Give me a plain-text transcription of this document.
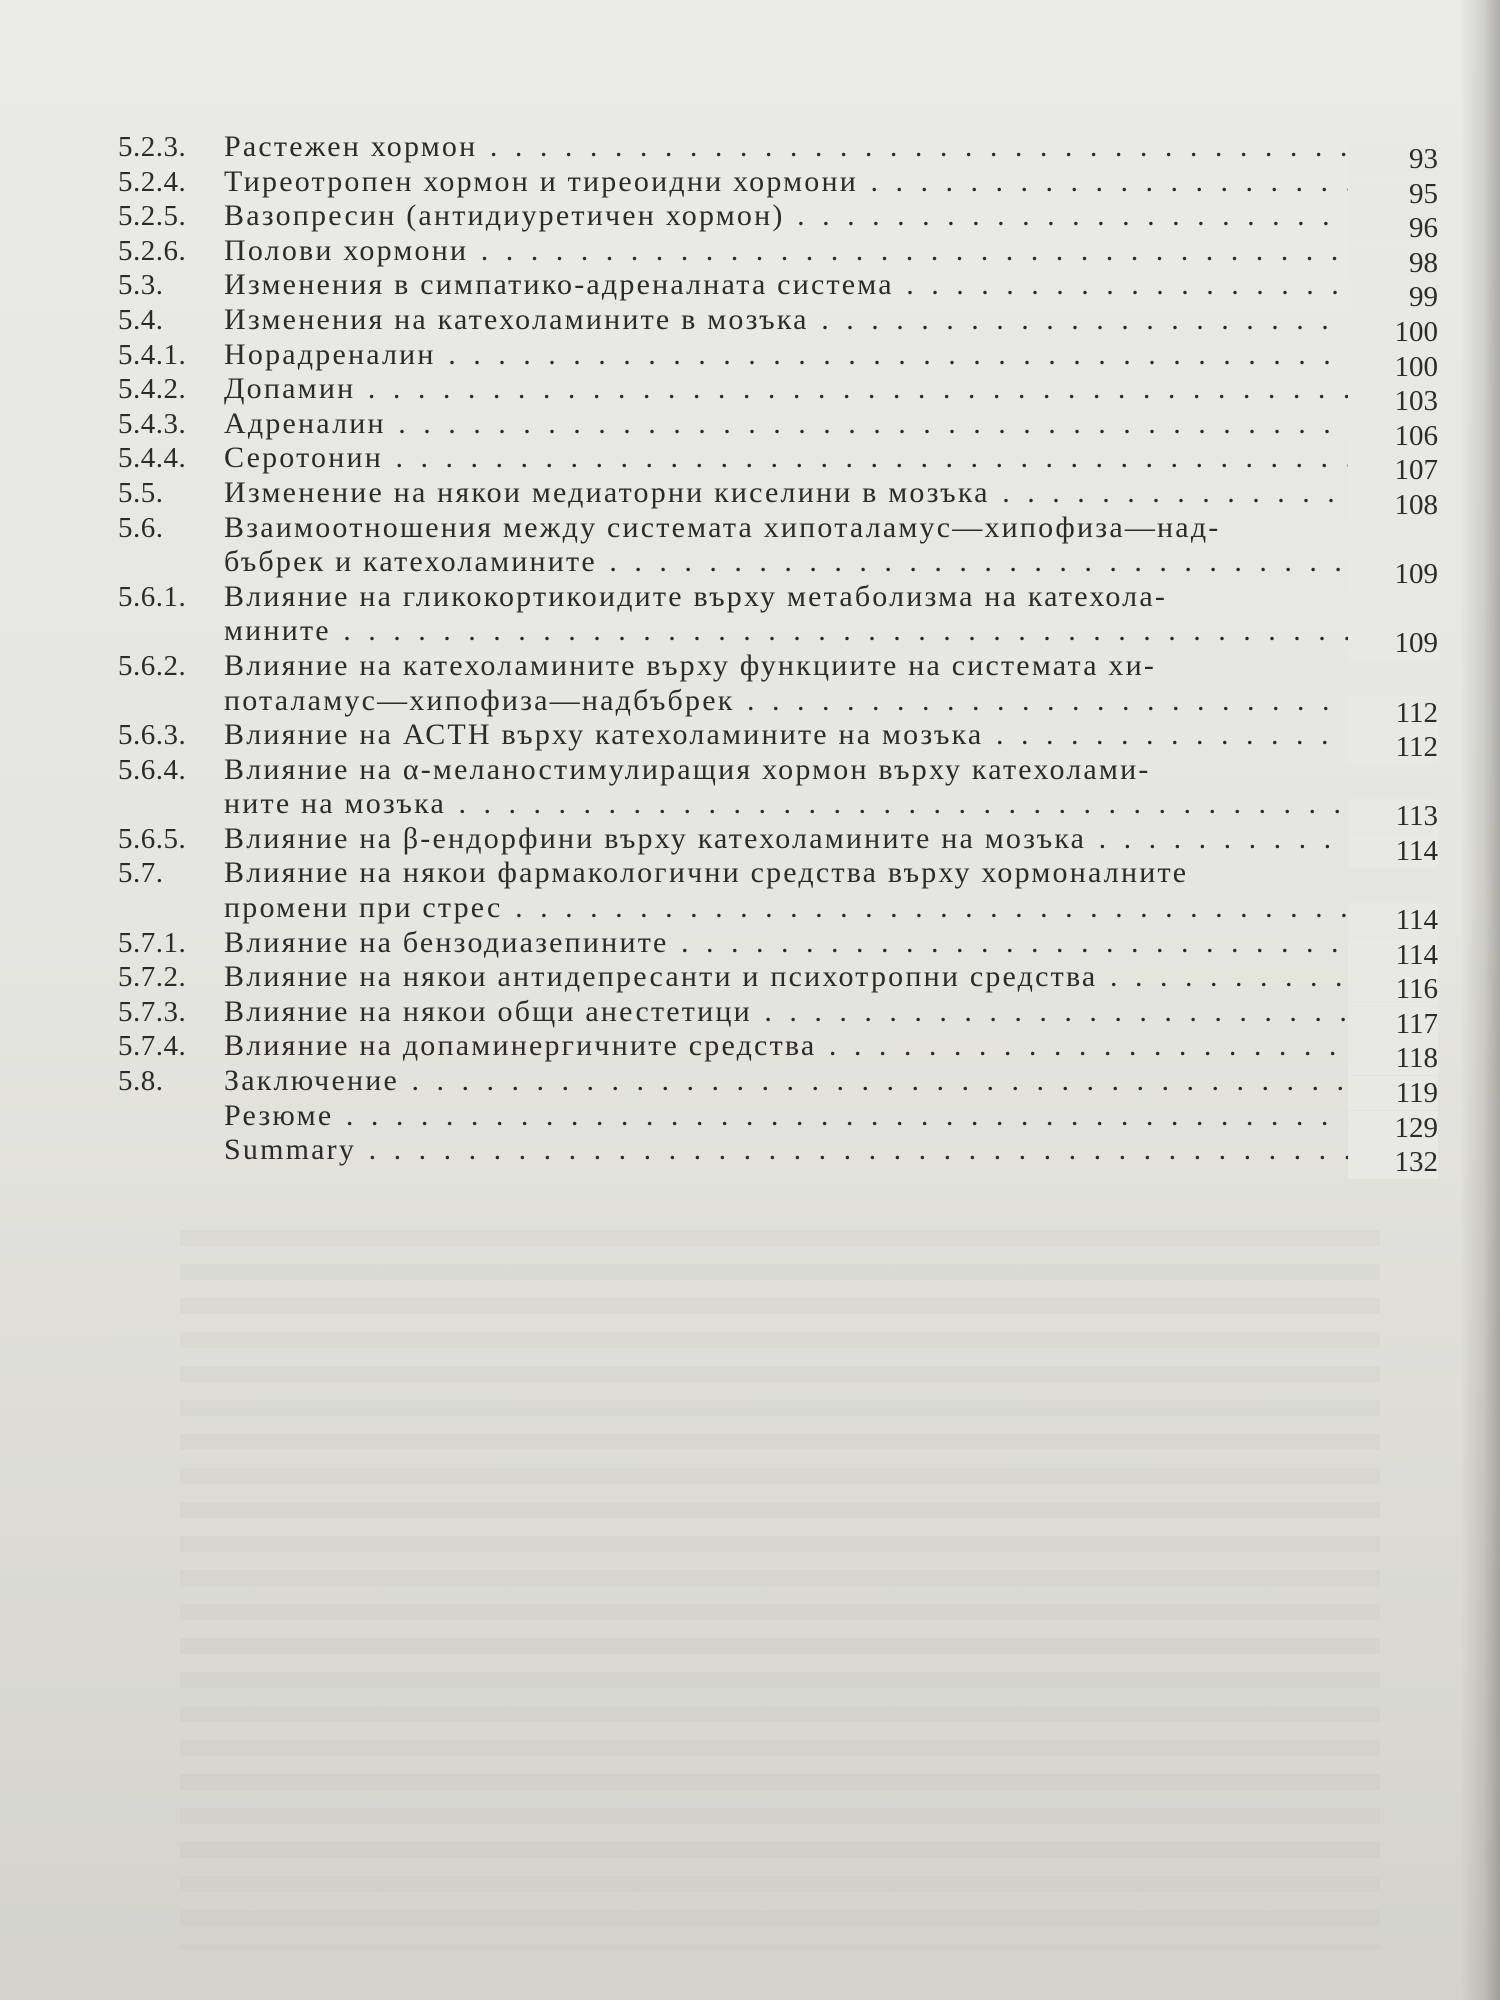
5.2.3.	Растежен хормон . . .	93
5.2.4.	Тиреотропен хормон и тиреоидни хормони . . .	95
5.2.5.	Вазопресин (антидиуретичен хормон) . . .	96
5.2.6.	Полови хормони . . .	98
5.3.	Изменения в симпатико-адреналната система . . .	99
5.4.	Изменения на катехоламините в мозъка . . .	100
5.4.1.	Норадреналин . . .	100
5.4.2.	Допамин . . .	103
5.4.3.	Адреналин . . .	106
5.4.4.	Серотонин . . .	107
5.5.	Изменение на някои медиаторни киселини в мозъка . . .	108
5.6.	Взаимоотношения между системата хипоталамус—хипофиза—над-
бъбрек и катехоламините . . .	109
5.6.1.	Влияние на гликокортикоидите върху метаболизма на катехола-
мините . . .	109
5.6.2.	Влияние на катехоламините върху функциите на системата хи-
поталамус—хипофиза—надбъбрек . . .	112
5.6.3.	Влияние на АСТН върху катехоламините на мозъка . . .	112
5.6.4.	Влияние на α-меланостимулиращия хормон върху катехолами-
ните на мозъка . . .	113
5.6.5.	Влияние на β-ендорфини върху катехоламините на мозъка . . .	114
5.7.	Влияние на някои фармакологични средства върху хормоналните
промени при стрес . . .	114
5.7.1.	Влияние на бензодиазепините . . .	114
5.7.2.	Влияние на някои антидепресанти и психотропни средства . . .	116
5.7.3.	Влияние на някои общи анестетици . . .	117
5.7.4.	Влияние на допаминергичните средства . . .	118
5.8.	Заключение . . .	119
Резюме . . .	129
Summary . . .	132
